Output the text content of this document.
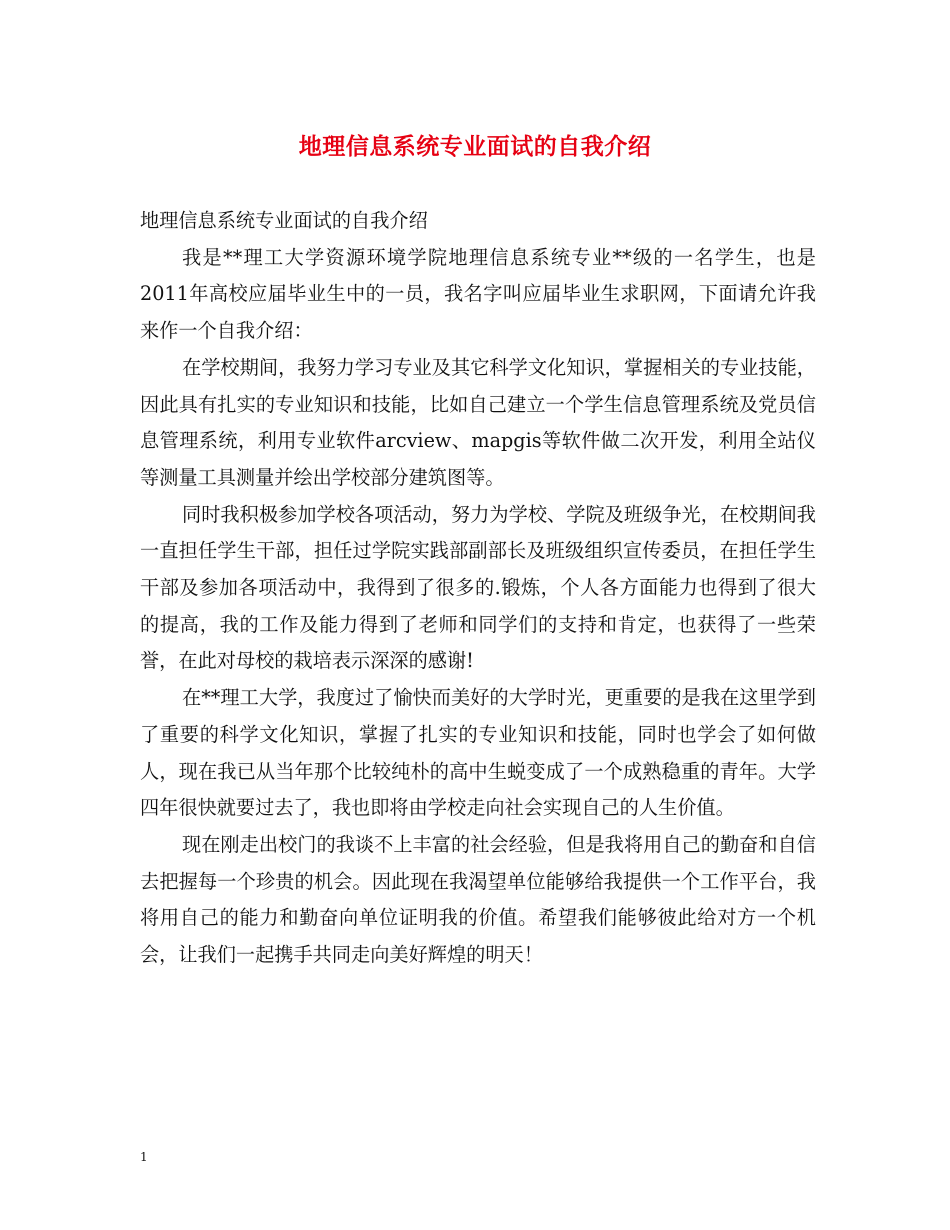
地理信息系统专业面试的自我介绍

地理信息系统专业面试的自我介绍

我是**理工大学资源环境学院地理信息系统专业**级的一名学生，也是2011年高校应届毕业生中的一员，我名字叫应届毕业生求职网，下面请允许我来作一个自我介绍：

在学校期间，我努力学习专业及其它科学文化知识，掌握相关的专业技能，因此具有扎实的专业知识和技能，比如自己建立一个学生信息管理系统及党员信息管理系统，利用专业软件arcview、mapgis等软件做二次开发，利用全站仪等测量工具测量并绘出学校部分建筑图等。

同时我积极参加学校各项活动，努力为学校、学院及班级争光，在校期间我一直担任学生干部，担任过学院实践部副部长及班级组织宣传委员，在担任学生干部及参加各项活动中，我得到了很多的.锻炼，个人各方面能力也得到了很大的提高，我的工作及能力得到了老师和同学们的支持和肯定，也获得了一些荣誉，在此对母校的栽培表示深深的感谢!

在**理工大学，我度过了愉快而美好的大学时光，更重要的是我在这里学到了重要的科学文化知识，掌握了扎实的专业知识和技能，同时也学会了如何做人，现在我已从当年那个比较纯朴的高中生蜕变成了一个成熟稳重的青年。大学四年很快就要过去了，我也即将由学校走向社会实现自己的人生价值。

现在刚走出校门的我谈不上丰富的社会经验，但是我将用自己的勤奋和自信去把握每一个珍贵的机会。因此现在我渴望单位能够给我提供一个工作平台，我将用自己的能力和勤奋向单位证明我的价值。希望我们能够彼此给对方一个机会，让我们一起携手共同走向美好辉煌的明天！

1
